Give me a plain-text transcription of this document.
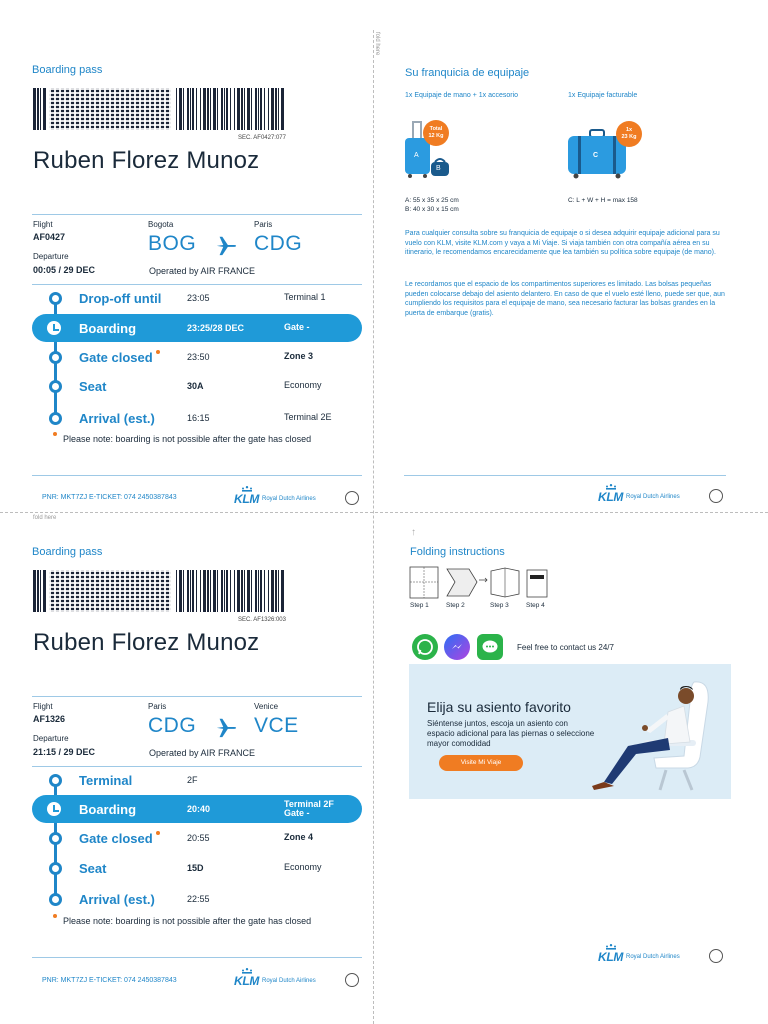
fold here
fold here
Boarding pass
SEC. AF0427:077
Ruben Florez Munoz
Flight
AF0427
Departure
00:05 / 29 DEC
Bogota
BOG
Paris
CDG
Operated by AIR FRANCE
Drop-off until	23:05	Terminal 1
Boarding	23:25/28 DEC	Gate -
Gate closed	23:50	Zone 3
Seat	30A	Economy
Arrival (est.)	16:15	Terminal 2E
Please note: boarding is not possible after the gate has closed
PNR: MKT7ZJ E-TICKET: 074 2450387843	KLM Royal Dutch Airlines
Boarding pass
SEC. AF1326:003
Ruben Florez Munoz
Flight
AF1326
Departure
21:15 / 29 DEC
Paris
CDG
Venice
VCE
Operated by AIR FRANCE
Terminal	2F
Boarding	20:40	Terminal 2F
Gate -
Gate closed	20:55	Zone 4
Seat	15D	Economy
Arrival (est.)	22:55
Please note: boarding is not possible after the gate has closed
PNR: MKT7ZJ E-TICKET: 074 2450387843	KLM Royal Dutch Airlines
Su franquicia de equipaje
1x Equipaje de mano + 1x accesorio	1x Equipaje facturable
A
B
Total
12 Kg
C
1x
23 Kg
A: 55 x 35 x 25 cm
B: 40 x 30 x 15 cm
C: L + W + H = max 158
Para cualquier consulta sobre su franquicia de equipaje o si desea adquirir equipaje adicional para su vuelo con KLM, visite KLM.com y vaya a Mi Viaje. Si viaja también con otra compañía aérea en su itinerario, le recomendamos encarecidamente que lea también su política sobre equipaje (de mano).
Le recordamos que el espacio de los compartimentos superiores es limitado. Las bolsas pequeñas pueden colocarse debajo del asiento delantero. En caso de que el vuelo esté lleno, puede ser que, aun cumpliendo los requisitos para el equipaje de mano, sea necesario facturar las bolsas grandes en la puerta de embarque (gratis).
KLM Royal Dutch Airlines
↑
Folding instructions
Step 1	Step 2	Step 3	Step 4
Feel free to contact us 24/7
Elija su asiento favorito
Siéntense juntos, escoja un asiento con espacio adicional para las piernas o seleccione mayor comodidad
Visite Mi Viaje
KLM Royal Dutch Airlines
